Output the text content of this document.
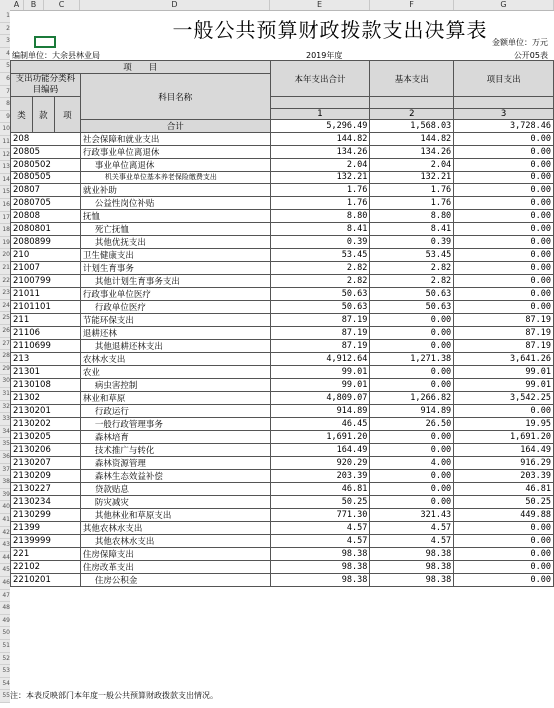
A	B	C	D	E	F	G
1
2
3
4
5
6
7
8
9
10
11
12
13
14
15
16
17
18
19
20
21
22
23
24
25
26
27
28
29
30
31
32
33
34
35
36
37
38
39
40
41
42
43
44
45
46
47
48
49
50
51
52
53
54
55
一般公共预算财政拨款支出决算表
金额单位：万元
编制单位：大余县林业局	2019年度	公开05表
项　　目				本年支出合计	基本支出	项目支出
支出功能分类科目编码			科目名称			

类	款	项				
				1	2	3
			合计	5,296.49	1,568.03	3,728.46
208			社会保障和就业支出	144.82	144.82	0.00
20805			行政事业单位离退休	134.26	134.26	0.00
2080502			事业单位离退休	2.04	2.04	0.00
2080505			机关事业单位基本养老保险缴费支出	132.21	132.21	0.00
20807			就业补助	1.76	1.76	0.00
2080705			公益性岗位补贴	1.76	1.76	0.00
20808			抚恤	8.80	8.80	0.00
2080801			死亡抚恤	8.41	8.41	0.00
2080899			其他优抚支出	0.39	0.39	0.00
210			卫生健康支出	53.45	53.45	0.00
21007			计划生育事务	2.82	2.82	0.00
2100799			其他计划生育事务支出	2.82	2.82	0.00
21011			行政事业单位医疗	50.63	50.63	0.00
2101101			行政单位医疗	50.63	50.63	0.00
211			节能环保支出	87.19	0.00	87.19
21106			退耕还林	87.19	0.00	87.19
2110699			其他退耕还林支出	87.19	0.00	87.19
213			农林水支出	4,912.64	1,271.38	3,641.26
21301			农业	99.01	0.00	99.01
2130108			病虫害控制	99.01	0.00	99.01
21302			林业和草原	4,809.07	1,266.82	3,542.25
2130201			行政运行	914.89	914.89	0.00
2130202			一般行政管理事务	46.45	26.50	19.95
2130205			森林培育	1,691.20	0.00	1,691.20
2130206			技术推广与转化	164.49	0.00	164.49
2130207			森林资源管理	920.29	4.00	916.29
2130209			森林生态效益补偿	203.39	0.00	203.39
2130227			贷款贴息	46.81	0.00	46.81
2130234			防灾减灾	50.25	0.00	50.25
2130299			其他林业和草原支出	771.30	321.43	449.88
21399			其他农林水支出	4.57	4.57	0.00
2139999			其他农林水支出	4.57	4.57	0.00
221			住房保障支出	98.38	98.38	0.00
22102			住房改革支出	98.38	98.38	0.00
2210201			住房公积金	98.38	98.38	0.00
注：本表反映部门本年度一般公共预算财政拨款支出情况。
